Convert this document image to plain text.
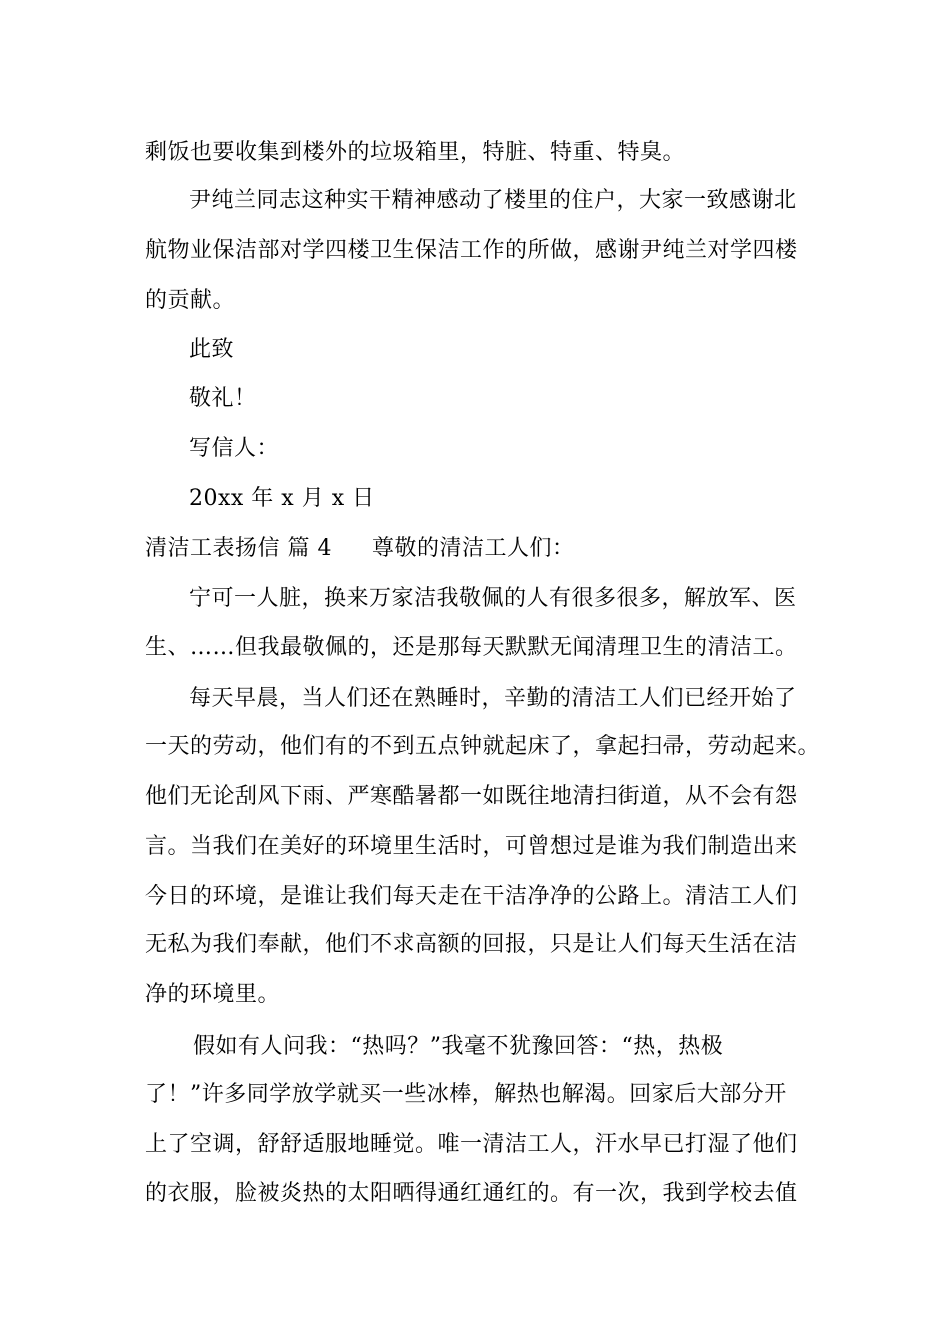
剩饭也要收集到楼外的垃圾箱里，特脏、特重、特臭。
尹纯兰同志这种实干精神感动了楼里的住户，大家一致感谢北
航物业保洁部对学四楼卫生保洁工作的所做，感谢尹纯兰对学四楼
的贡献。
此致
敬礼！
写信人：
20xx 年 x 月 x 日
清洁工表扬信 篇 4 尊敬的清洁工人们：
宁可一人脏，换来万家洁我敬佩的人有很多很多，解放军、医
生、……但我最敬佩的，还是那每天默默无闻清理卫生的清洁工。
每天早晨，当人们还在熟睡时，辛勤的清洁工人们已经开始了
一天的劳动，他们有的不到五点钟就起床了，拿起扫帚，劳动起来。
他们无论刮风下雨、严寒酷暑都一如既往地清扫街道，从不会有怨
言。当我们在美好的环境里生活时，可曾想过是谁为我们制造出来
今日的环境，是谁让我们每天走在干洁净净的公路上。清洁工人们
无私为我们奉献，他们不求高额的回报，只是让人们每天生活在洁
净的环境里。
假如有人问我：“热吗？”我毫不犹豫回答：“热，热极
了！”许多同学放学就买一些冰棒，解热也解渴。回家后大部分开
上了空调，舒舒适服地睡觉。唯一清洁工人，汗水早已打湿了他们
的衣服，脸被炎热的太阳晒得通红通红的。有一次，我到学校去值
